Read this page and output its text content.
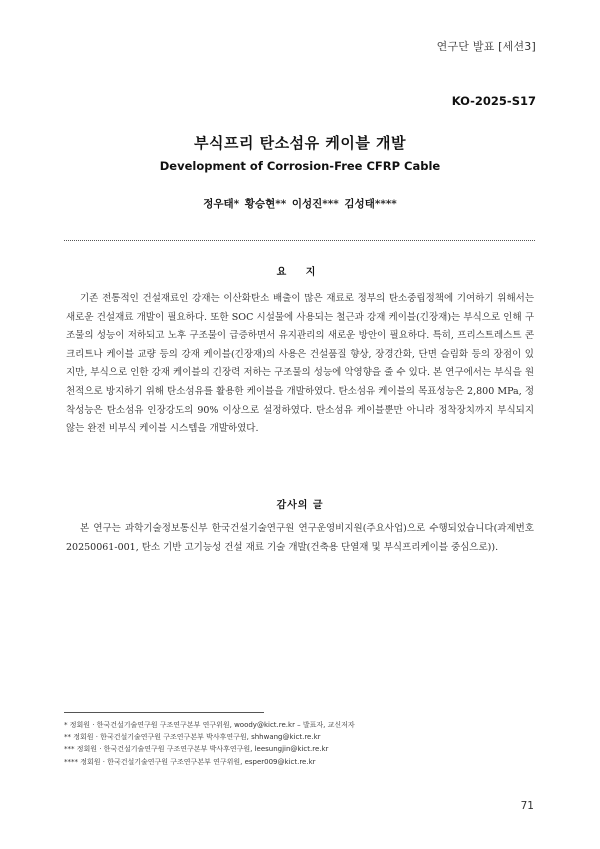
연구단 발표 [세션3]
KO-2025-S17
부식프리 탄소섬유 케이블 개발
Development of Corrosion-Free CFRP Cable
정우태* 황승현** 이성진*** 김성태****
요 지
기존 전통적인 건설재료인 강재는 이산화탄소 배출이 많은 재료로 정부의 탄소중립정책에 기여하기 위해서는 새로운 건설재료 개발이 필요하다. 또한 SOC 시설물에 사용되는 철근과 강재 케이블(긴장재)는 부식으로 인해 구조물의 성능이 저하되고 노후 구조물이 급증하면서 유지관리의 새로운 방안이 필요하다. 특히, 프리스트레스트 콘크리트나 케이블 교량 등의 강재 케이블(긴장재)의 사용은 건설품질 향상, 장경간화, 단면 슬림화 등의 장점이 있지만, 부식으로 인한 강재 케이블의 긴장력 저하는 구조물의 성능에 악영향을 줄 수 있다. 본 연구에서는 부식을 원천적으로 방지하기 위해 탄소섬유를 활용한 케이블을 개발하였다. 탄소섬유 케이블의 목표성능은 2,800 MPa, 정착성능은 탄소섬유 인장강도의 90% 이상으로 설정하였다. 탄소섬유 케이블뿐만 아니라 정착장치까지 부식되지 않는 완전 비부식 케이블 시스템을 개발하였다.
감사의 글
본 연구는 과학기술정보통신부 한국건설기술연구원 연구운영비지원(주요사업)으로 수행되었습니다(과제번호 20250061-001, 탄소 기반 고기능성 건설 재료 기술 개발(건축용 단열재 및 부식프리케이블 중심으로)).
* 정회원 · 한국건설기술연구원 구조연구본부 연구위원, woody@kict.re.kr – 발표자, 교신저자
** 정회원 · 한국건설기술연구원 구조연구본부 박사후연구원, shhwang@kict.re.kr
*** 정회원 · 한국건설기술연구원 구조연구본부 박사후연구원, leesungjin@kict.re.kr
**** 정회원 · 한국건설기술연구원 구조연구본부 연구위원, esper009@kict.re.kr
71
